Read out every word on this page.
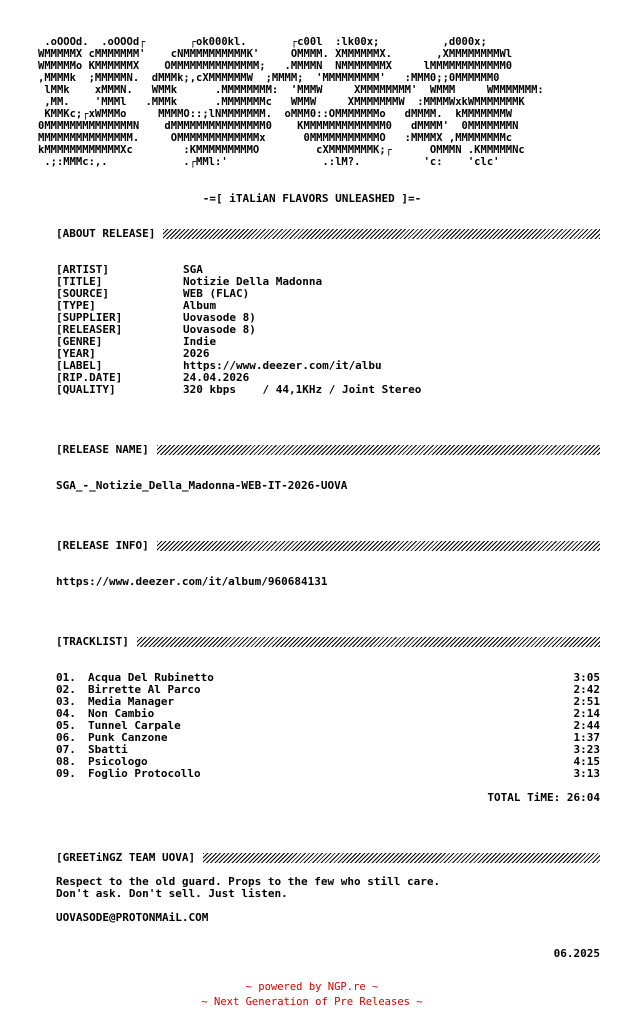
.oOOOd.  .oOOOd┌       ┌ok000kl.       ┌c00l  :lk00x;          ,d000x;
WMMMMMX cMMMMMMM'    cNMMMMMMMMMMK'     OMMMM. XMMMMMMX.       ,XMMMMMMMMWl
WMMMMMo KMMMMMMX    OMMMMMMMMMMMMMM;   .MMMMN  NMMMMMMMX     lMMMMMMMMMMMM0
,MMMMk  ;MMMMMN.  dMMMk;,cXMMMMMMW  ;MMMM;  'MMMMMMMMM'   :MMM0;;0MMMMMM0
lMMk    xMMMN.   WMMk      .MMMMMMMM:  'MMMW     XMMMMMMMM'  WMMM     WMMMMMMM:
,MM.    'MMMl   .MMMk      .MMMMMMMc   WMMW     XMMMMMMMW  :MMMMWxkWMMMMMMMK
KMMKc;┌xWMMMo     MMMMO::;lNMMMMMMM.  oMMM0::OMMMMMMMo   dMMMM.  kMMMMMMMW
0MMMMMMMMMMMMMMN    dMMMMMMMMMMMMMMM0    KMMMMMMMMMMMMM0   dMMMM'  0MMMMMMMN
MMMMMMMMMMMMMMM.     OMMMMMMMMMMMMMx      0MMMMMMMMMMMO   :MMMMX ,MMMMMMMMc
kMMMMMMMMMMMMXc        :KMMMMMMMMMO         cXMMMMMMMK;┌      OMMMN .KMMMMMNc
.;:MMMc:,.            .┌MMl:'               .:lM?.          'c:    'clc'
-=[ iTALiAN FLAVORS UNLEASHED ]=-
[ABOUT RELEASE]
[ARTIST]	SGA
[TITLE]	Notizie Della Madonna
[SOURCE]	WEB (FLAC)
[TYPE]	Album
[SUPPLIER]	Uovasode 8)
[RELEASER]	Uovasode 8)
[GENRE]	Indie
[YEAR]	2026
[LABEL]	https://www.deezer.com/it/albu
[RIP.DATE]	24.04.2026
[QUALITY]	320 kbps    / 44,1KHz / Joint Stereo
[RELEASE NAME]
SGA_-_Notizie_Della_Madonna-WEB-IT-2026-UOVA
[RELEASE INFO]
https://www.deezer.com/it/album/960684131
[TRACKLIST]
01.	Acqua Del Rubinetto	3:05
02.	Birrette Al Parco	2:42
03.	Media Manager	2:51
04.	Non Cambio	2:14
05.	Tunnel Carpale	2:44
06.	Punk Canzone	1:37
07.	Sbatti	3:23
08.	Psicologo	4:15
09.	Foglio Protocollo	3:13
TOTAL TiME: 26:04
[GREETiNGZ TEAM UOVA]
Respect to the old guard. Props to the few who still care.
Don't ask. Don't sell. Just listen.
UOVASODE@PROTONMAiL.COM
06.2025
~ powered by NGP.re ~
~ Next Generation of Pre Releases ~
